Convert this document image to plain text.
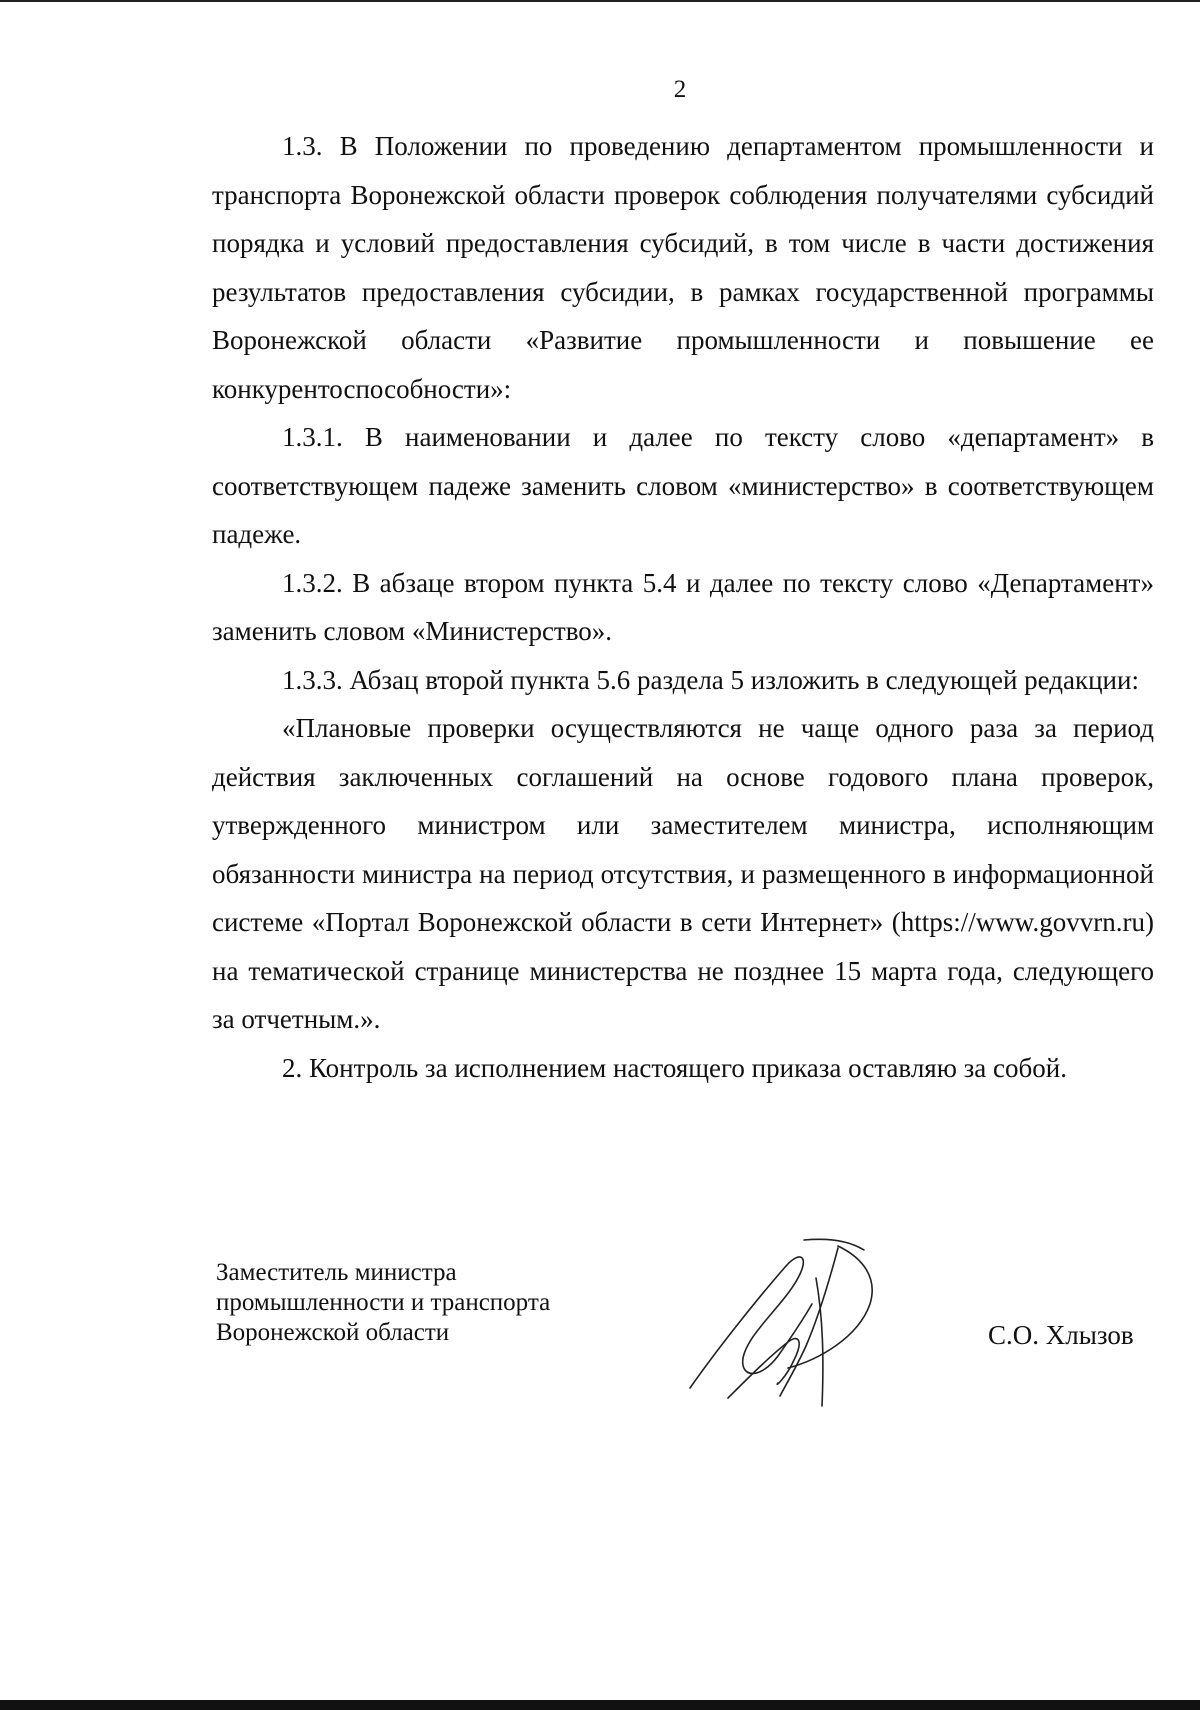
2

1.3. В Положении по проведению департаментом промышленности и транспорта Воронежской области проверок соблюдения получателями субсидий порядка и условий предоставления субсидий, в том числе в части достижения результатов предоставления субсидии, в рамках государственной программы Воронежской области «Развитие промышленности и повышение ее конкурентоспособности»:

1.3.1. В наименовании и далее по тексту слово «департамент» в соответствующем падеже заменить словом «министерство» в соответствующем падеже.

1.3.2. В абзаце втором пункта 5.4 и далее по тексту слово «Департамент» заменить словом «Министерство».

1.3.3. Абзац второй пункта 5.6 раздела 5 изложить в следующей редакции:

«Плановые проверки осуществляются не чаще одного раза за период действия заключенных соглашений на основе годового плана проверок, утвержденного министром или заместителем министра, исполняющим обязанности министра на период отсутствия, и размещенного в информационной системе «Портал Воронежской области в сети Интернет» (https://www.govvrn.ru) на тематической странице министерства не позднее 15 марта года, следующего за отчетным.».

2. Контроль за исполнением настоящего приказа оставляю за собой.

Заместитель министра
промышленности и транспорта
Воронежской области	С.О. Хлызов
